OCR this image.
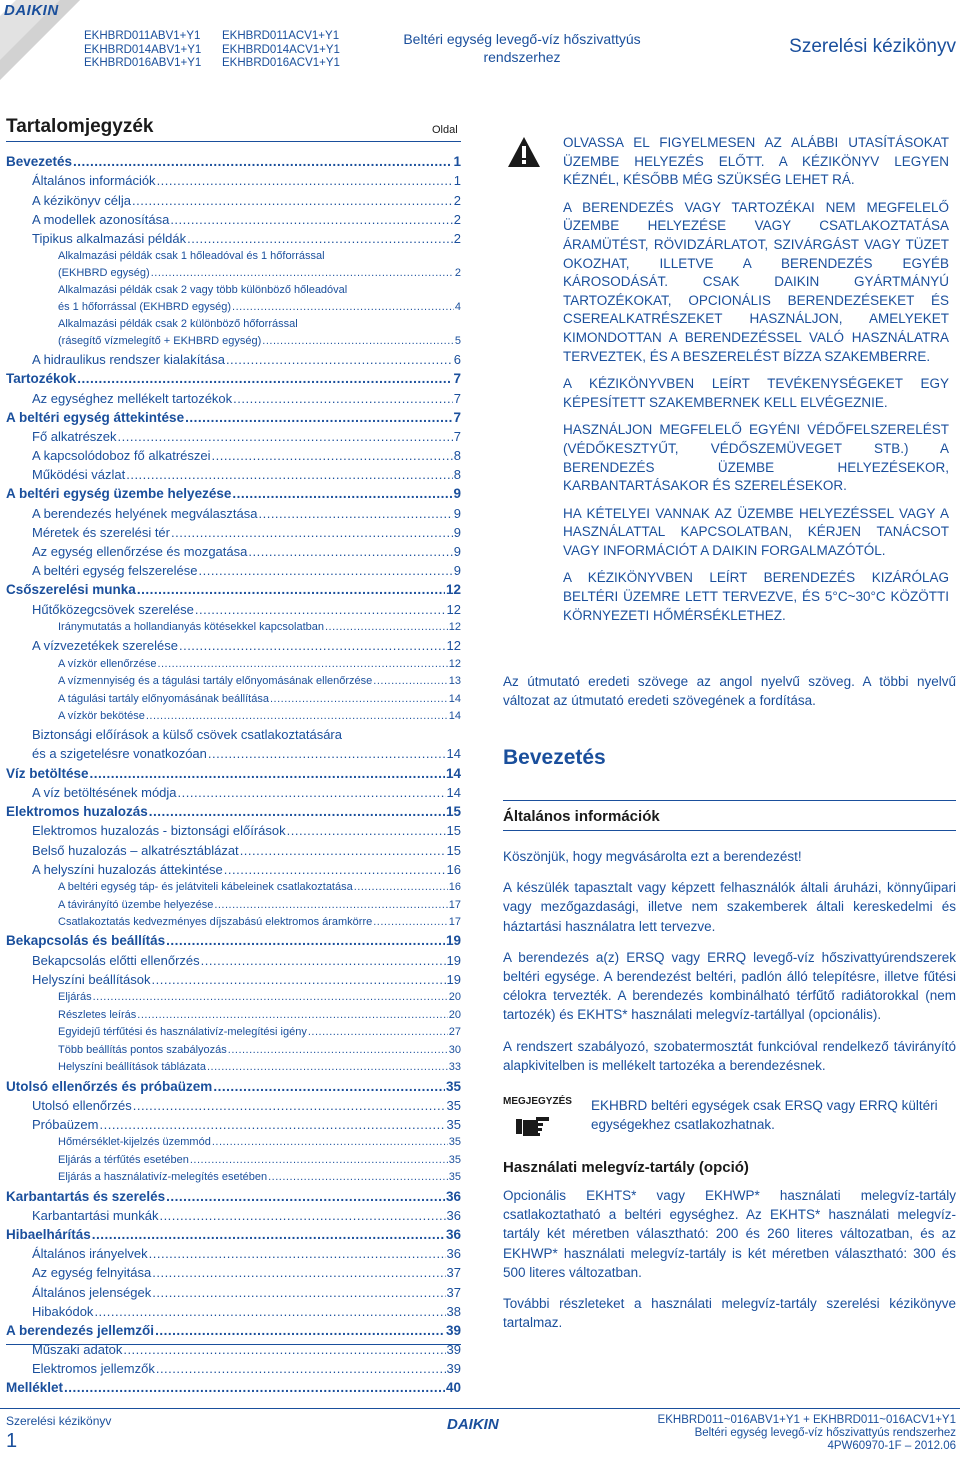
DAIKIN
EKHBRD011ABV1+Y1
EKHBRD014ABV1+Y1
EKHBRD016ABV1+Y1
EKHBRD011ACV1+Y1
EKHBRD014ACV1+Y1
EKHBRD016ACV1+Y1
Beltéri egység levegő-víz hőszivattyús rendszerhez	Szerelési kézikönyv
Tartalomjegyzék	Oldal
Bevezetés .....	1
Általános információk .....	1
A kézikönyv célja .....	2
A modellek azonosítása .....	2
Tipikus alkalmazási példák .....	2
Alkalmazási példák csak 1 hőleadóval és 1 hőforrással
(EKHBRD egység) .....	2
Alkalmazási példák csak 2 vagy több különböző hőleadóval
és 1 hőforrással (EKHBRD egység) .....	4
Alkalmazási példák csak 2 különböző hőforrással
(rásegítő vízmelegítő + EKHBRD egység) .....	5
A hidraulikus rendszer kialakítása .....	6
Tartozékok .....	7
Az egységhez mellékelt tartozékok .....	7
A beltéri egység áttekintése .....	7
Fő alkatrészek .....	7
A kapcsolódoboz fő alkatrészei .....	8
Működési vázlat .....	8
A beltéri egység üzembe helyezése .....	9
A berendezés helyének megválasztása .....	9
Méretek és szerelési tér .....	9
Az egység ellenőrzése és mozgatása .....	9
A beltéri egység felszerelése .....	9
Csőszerelési munka .....	12
Hűtőközegcsövek szerelése .....	12
Iránymutatás a hollandianyás kötésekkel kapcsolatban .....	12
A vízvezetékek szerelése .....	12
A vízkör ellenőrzése .....	12
A vízmennyiség és a tágulási tartály előnyomásának ellenőrzése .....	13
A tágulási tartály előnyomásának beállítása .....	14
A vízkör bekötése .....	14
Biztonsági előírások a külső csövek csatlakoztatására
és a szigetelésre vonatkozóan .....	14
Víz betöltése .....	14
A víz betöltésének módja .....	14
Elektromos huzalozás .....	15
Elektromos huzalozás - biztonsági előírások .....	15
Belső huzalozás – alkatrésztáblázat .....	15
A helyszíni huzalozás áttekintése .....	16
A beltéri egység táp- és jelátviteli kábeleinek csatlakoztatása .....	16
A távirányító üzembe helyezése .....	17
Csatlakoztatás kedvezményes díjszabású elektromos áramkörre .....	17
Bekapcsolás és beállítás .....	19
Bekapcsolás előtti ellenőrzés .....	19
Helyszíni beállítások .....	19
Eljárás .....	20
Részletes leírás .....	20
Egyidejű térfűtési és használativíz-melegítési igény .....	27
Több beállítás pontos szabályozás .....	30
Helyszíni beállítások táblázata .....	33
Utolsó ellenőrzés és próbaüzem .....	35
Utolsó ellenőrzés .....	35
Próbaüzem .....	35
Hőmérséklet-kijelzés üzemmód .....	35
Eljárás a térfűtés esetében .....	35
Eljárás a használativíz-melegítés esetében .....	35
Karbantartás és szerelés .....	36
Karbantartási munkák .....	36
Hibaelhárítás .....	36
Általános irányelvek .....	36
Az egység felnyitása .....	37
Általános jelenségek .....	37
Hibakódok .....	38
A berendezés jellemzői .....	39
Műszaki adatok .....	39
Elektromos jellemzők .....	39
Melléklet .....	40

OLVASSA EL FIGYELMESEN AZ ALÁBBI UTASÍTÁSOKAT ÜZEMBE HELYEZÉS ELŐTT. A KÉZIKÖNYV LEGYEN KÉZNÉL, KÉSŐBB MÉG SZÜKSÉG LEHET RÁ.

A BERENDEZÉS VAGY TARTOZÉKAI NEM MEGFELELŐ ÜZEMBE HELYEZÉSE VAGY CSATLAKOZTATÁSA ÁRAMÜTÉST, RÖVIDZÁRLATOT, SZIVÁRGÁST VAGY TÜZET OKOZHAT, ILLETVE A BERENDEZÉS EGYÉB KÁROSODÁSÁT. CSAK DAIKIN GYÁRTMÁNYÚ TARTOZÉKOKAT, OPCIONÁLIS BERENDEZÉSEKET ÉS CSEREALKATRÉSZEKET HASZNÁLJON, AMELYEKET KIMONDOTTAN A BERENDEZÉSSEL VALÓ HASZNÁLATRA TERVEZTEK, ÉS A BESZERELÉST BÍZZA SZAKEMBERRE.

A KÉZIKÖNYVBEN LEÍRT TEVÉKENYSÉGEKET EGY KÉPESÍTETT SZAKEMBERNEK KELL ELVÉGEZNIE.

HASZNÁLJON MEGFELELŐ EGYÉNI VÉDŐFELSZERELÉST (VÉDŐKESZTYŰT, VÉDŐSZEMÜVEGET STB.) A BERENDEZÉS ÜZEMBE HELYEZÉSEKOR, KARBANTARTÁSAKOR ÉS SZERELÉSEKOR.

HA KÉTELYEI VANNAK AZ ÜZEMBE HELYEZÉSSEL VAGY A HASZNÁLATTAL KAPCSOLATBAN, KÉRJEN TANÁCSOT VAGY INFORMÁCIÓT A DAIKIN FORGALMAZÓTÓL.

A KÉZIKÖNYVBEN LEÍRT BERENDEZÉS KIZÁRÓLAG BELTÉRI ÜZEMRE LETT TERVEZVE, ÉS 5°C~30°C KÖZÖTTI KÖRNYEZETI HŐMÉRSÉKLETHEZ.

Az útmutató eredeti szövege az angol nyelvű szöveg. A többi nyelvű változat az útmutató eredeti szövegének a fordítása.

Bevezetés
Általános információk

Köszönjük, hogy megvásárolta ezt a berendezést!

A készülék tapasztalt vagy képzett felhasználók általi áruházi, könnyűipari vagy mezőgazdasági, illetve nem szakemberek általi kereskedelmi és háztartási használatra lett tervezve.

A berendezés a(z) ERSQ vagy ERRQ levegő-víz hőszivattyúrendszerek beltéri egysége. A berendezést beltéri, padlón álló telepítésre, illetve fűtési célokra tervezték. A berendezés kombinálható térfűtő radiátorokkal (nem tartozék) és EKHTS* használati melegvíz-tartállyal (opcionális).

A rendszert szabályozó, szobatermosztát funkcióval rendelkező távirányító alapkivitelben is mellékelt tartozéka a berendezésnek.

MEGJEGYZÉS EKHBRD beltéri egységek csak ERSQ vagy ERRQ kültéri egységekhez csatlakozhatnak.
Használati melegvíz-tartály (opció)

Opcionális EKHTS* vagy EKHWP* használati melegvíz-tartály csatlakoztatható a beltéri egységhez. Az EKHTS* használati melegvíz-tartály két méretben választható: 200 és 260 literes változatban, és az EKHWP* használati melegvíz-tartály is két méretben választható: 300 és 500 literes változatban.

További részleteket a használati melegvíz-tartály szerelési kézikönyve tartalmaz.

Szerelési kézikönyv
1
DAIKIN	EKHBRD011~016ABV1+Y1 + EKHBRD011~016ACV1+Y1
Beltéri egység levegő-víz hőszivattyús rendszerhez
4PW60970-1F – 2012.06
